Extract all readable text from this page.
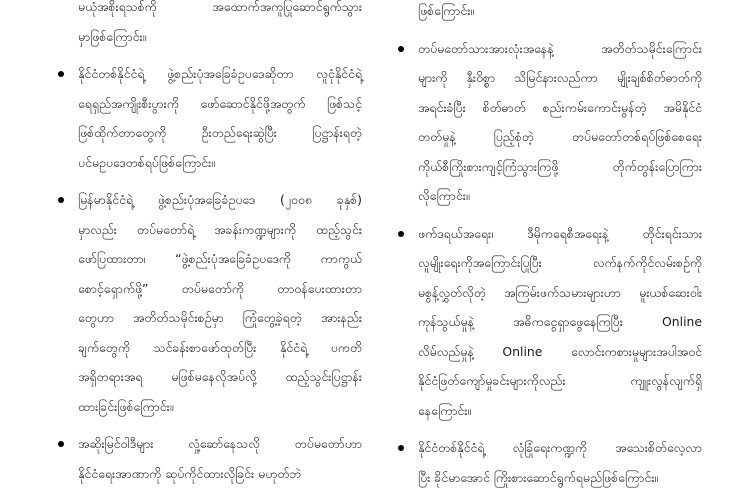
မယုံအစိုးရသစ်ကို အထောက်အကူပြုဆောင်ရွက်သွား
မှာဖြစ်ကြောင်း။
နိုင်ငံတစ်နိုင်ငံရဲ့ ဖွဲ့စည်းပုံအခြေခံဥပဒေဆိုတာ လူငုံနိုင်ငံရဲ့
ရေရှည်အကျိုးစီးပွားကို ဖော်ဆောင်နိုင်ဖို့အတွက် ဖြစ်သင့်
ဖြစ်ထိုက်တာတွေကို ဦးတည်ရေးဆွဲပြီး ပြဋ္ဌာန်းရတဲ့
ပင်မဥပဒေတစ်ရပ်ဖြစ်ကြောင်း။
မြန်မာနိုင်ငံရဲ့ ဖွဲ့စည်းပုံအခြေခံဥပဒေ (၂၀၀၈ ခုနှစ်)
မှာလည်း တပ်မတော်ရဲ့ အခန်းကဏ္ဍများကို ထည့်သွင်း
ဖော်ပြထားတာ၊ “ဖွဲ့စည်းပုံအခြေခံဥပဒေကို ကာကွယ်
စောင့်ရှောက်ဖို့” တပ်မတော်ကို တာဝန်ပေးထားတာ
တွေဟာ အတိတ်သမိုင်းစဉ်မှာ ကြုံတွေ့ခဲ့ရတဲ့ အားနည်း
ချက်တွေကို သင်ခန်းစာဖော်ထုတ်ပြီး နိုင်ငံရဲ့ ပကတိ
အရှိတရားအရ မဖြစ်မနေလိုအပ်လို့ ထည့်သွင်းပြဋ္ဌာန်း
ထားခြင်းဖြစ်ကြောင်း။
အဆိုးမြင်ဝါဒီများ လှုံ့ဆော်နေသလို တပ်မတော်ဟာ
နိုင်ငံရေးအာဏာကို ဆုပ်ကိုင်ထားလိုခြင်း မဟုတ်ဘဲ
ဖြစ်ကြောင်း။
တပ်မတော်သားအားလုံးအနေနဲ့ အတိတ်သမိုင်းကြောင်း
များကို နှီးဝိစ္စာ သိမြင်နားလည်ကာ မျိုးချစ်စိတ်ဓာတ်ကို
အရင်းခံပြီး စိတ်ဓာတ် စည်းကမ်းကောင်းမွန်တဲ့ အမိနိုင်ငံ
တတ်မှုနဲ့ ပြည့်စုံတဲ့ တပ်မတော်တစ်ရပ်ဖြစ်စေရေး
ကိုယ်စီကြိုးစားကျင့်ကြံသွားကြဖို့ တိုက်တွန်းပြောကြား
လိုကြောင်း။
ဖက်ဒရယ်အရေး၊ ဒီမိုကရေစီအရေးနဲ့ တိုင်းရင်းသား
လူမျိုးရေးကိုအကြောင်းပြုပြီး လက်နက်ကိုင်လမ်းစဉ်ကို
မစွန့်လွှတ်လိုတဲ့ အကြမ်းဖက်သမားများဟာ မူးယစ်ဆေးဝါး
ကုန်သွယ်မှုနဲ့ အဓိကငွေရှာဖွေနေကြပြီး Online
လိမ်လည်မှုနဲ့ Online လောင်းကစားမှုများအပါအဝင်
နိုင်ငံဖြတ်ကျော်မှုခင်းများကိုလည်း ကျူးလွန်လျက်ရှိ
နေကြောင်း။
နိုင်ငံတစ်နိုင်ငံရဲ့ လုံခြုံရေးကဏ္ဍကို အသေးစိတ်လေ့လာ
ပြီး ခိုင်မာအောင် ကြိုးစားဆောင်ရွက်ရမည်ဖြစ်ကြောင်း။
